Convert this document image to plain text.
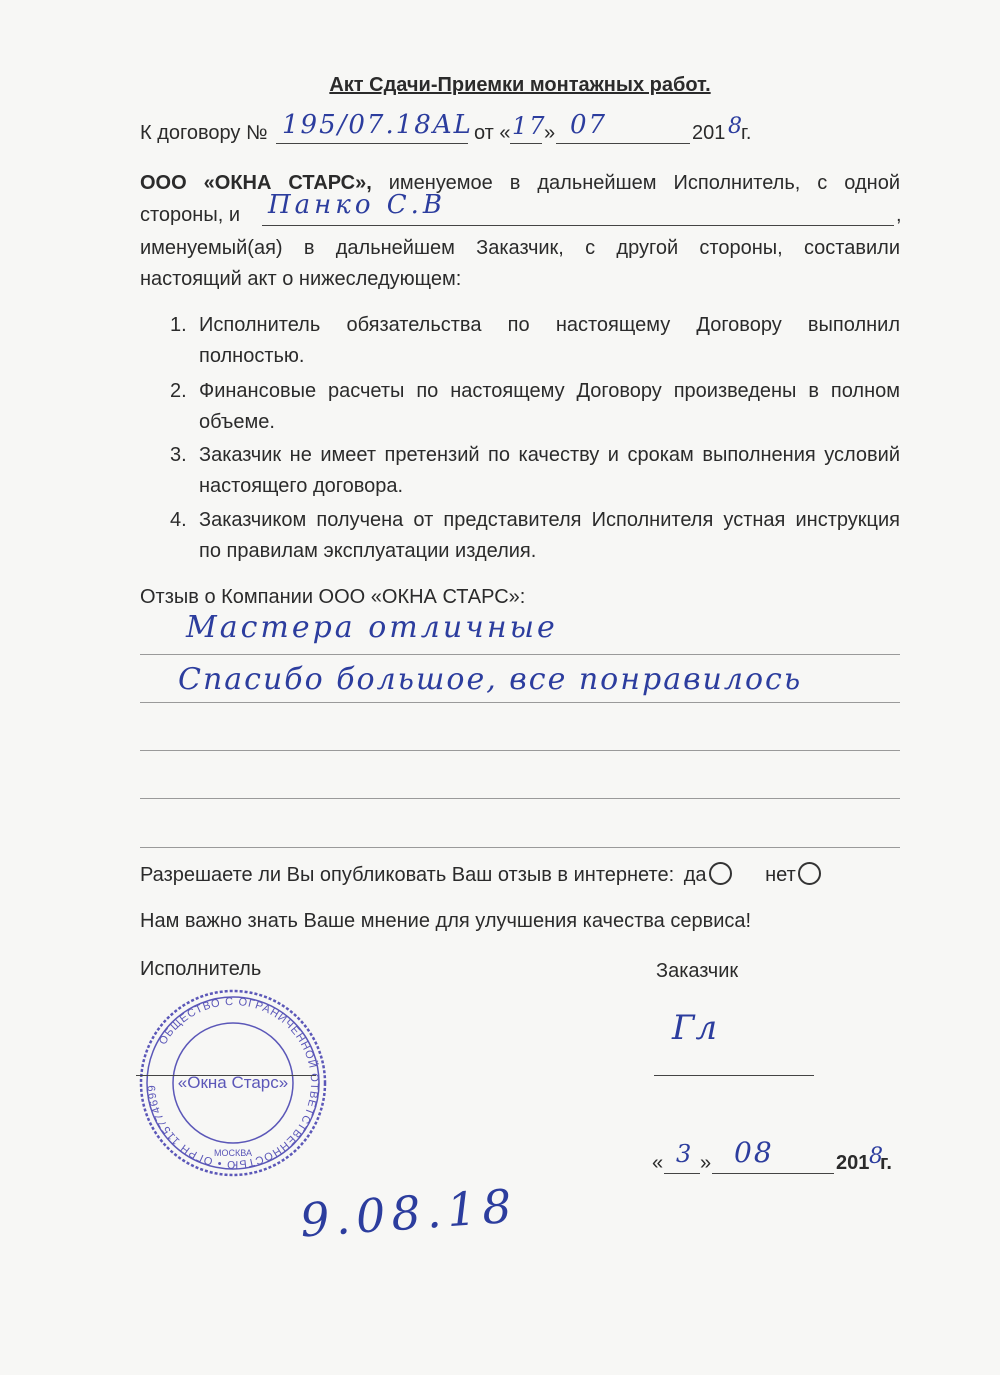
Акт Сдачи-Приемки монтажных работ.
К договору № 195/07.18AL от « 17
» 07	201 8 г.
ООО «ОКНА СТАРС», именуемое в дальнейшем Исполнитель, с одной
стороны, и Панко С.В	,
именуемый(ая) в дальнейшем Заказчик, с другой стороны, составили
настоящий акт о нижеследующем:
1. Исполнитель обязательства по настоящему Договору выполнил
полностью.
2. Финансовые расчеты по настоящему Договору произведены в полном
объеме.
3. Заказчик не имеет претензий по качеству и срокам выполнения условий
настоящего договора.
4. Заказчиком получена от представителя Исполнителя устная инструкция
по правилам эксплуатации изделия.
Отзыв о Компании ООО «ОКНА СТАРС»:
Мастера отличные
Спасибо большое, все понравилось
Разрешаете ли Вы опубликовать Ваш отзыв в интернете: да	нет
Нам важно знать Ваше мнение для улучшения качества сервиса!
Исполнитель	Заказчик
ОБЩЕСТВО С ОГРАНИЧЕННОЙ ОТВЕТСТВЕННОСТЬЮ • ОГРН 115774699	«Окна Старс»
МОСКВА
Гл
« 3 » 08	201 8
г.
9.08.18
